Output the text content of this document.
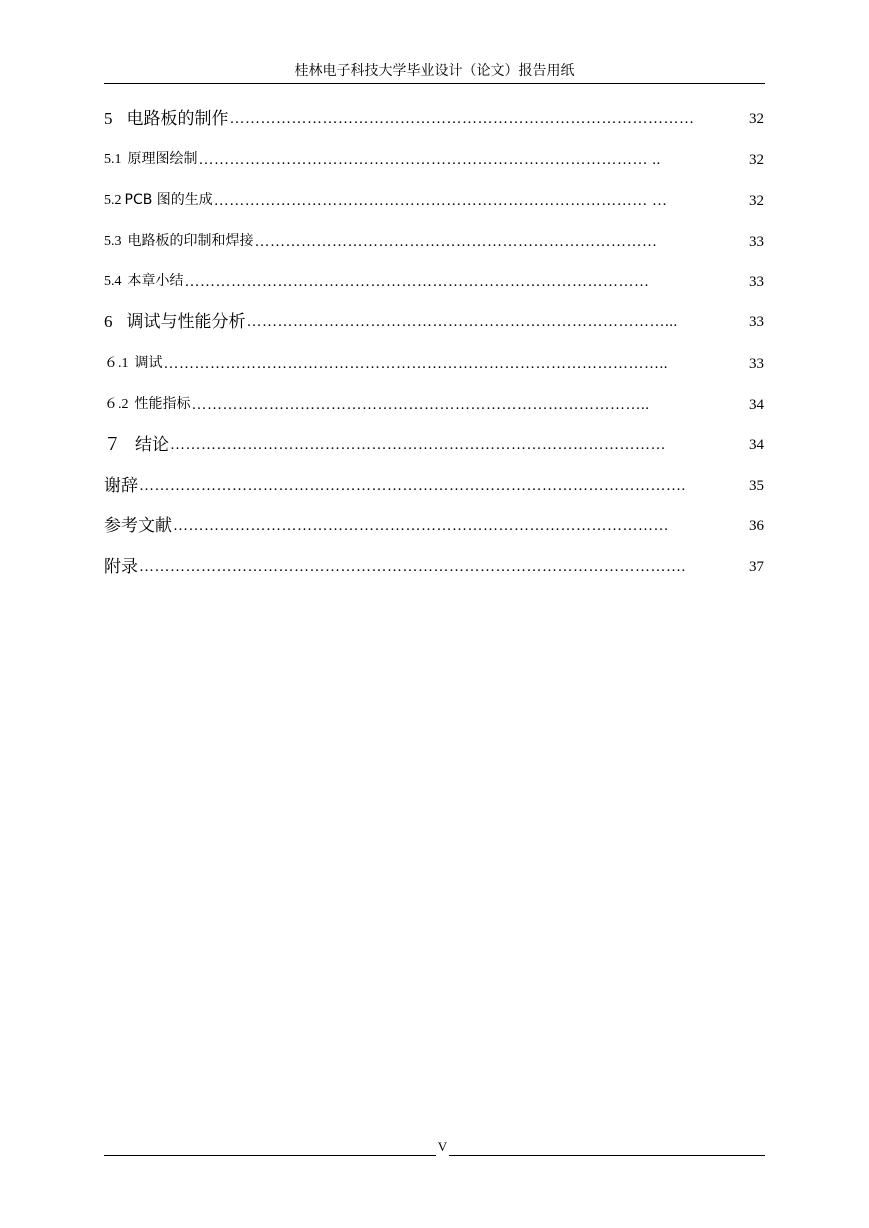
桂林电子科技大学毕业设计（论文）报告用纸
5 电路板的制作 ………………………………………………………………………………	32
5.1 原理图绘制 …………………………………………………………………………… ..	32
5.2 PCB 图的生成 ………………………………………………………………………… …	32
5.3 电路板的印制和焊接 ……………………………………………………………………	33
5.4 本章小结 ………………………………………………………………………………	33
6 调试与性能分析 ………………………………………………………………………...	33
６.1 调试 ……………………………………………………………………………………..	33
６.2 性能指标 ……………………………………………………………………………..	34
７ 结论 ……………………………………………………………………………………	34
谢辞 …………………………………………………………………………………………….	35
参考文献 ……………………………………………………………………………………	36
附录 …………………………………………………………………………………………….	37
V
